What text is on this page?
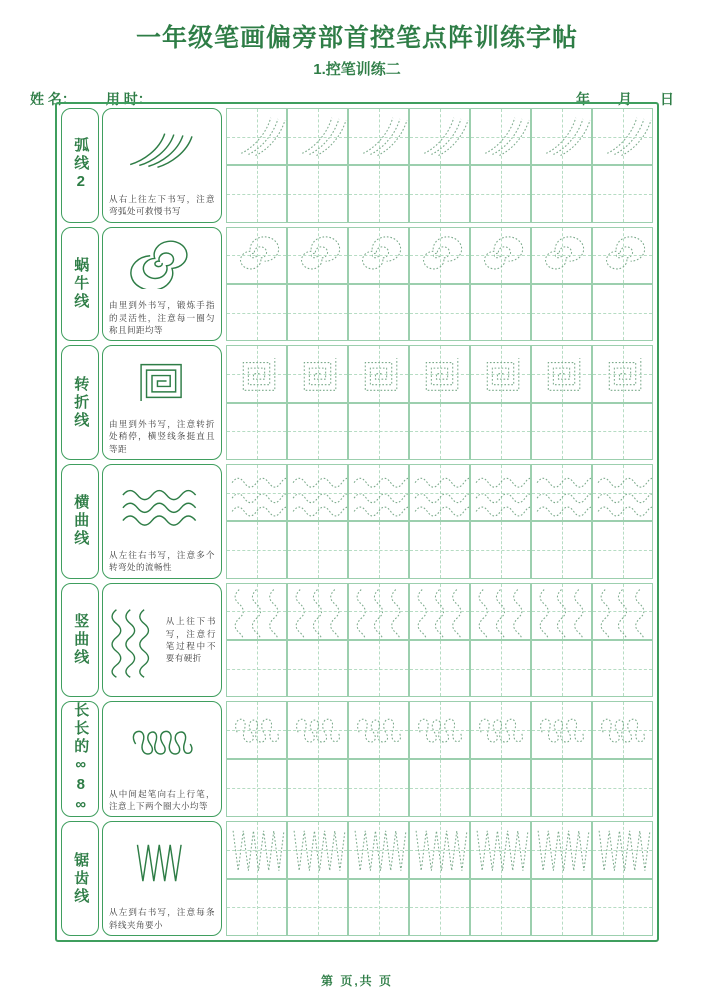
一年级笔画偏旁部首控笔点阵训练字帖
1.控笔训练二
姓 名： 用 时：	年 月 日
弧线2
从右上往左下书写，注意弯弧处可救慢书写
蜗牛线	由里到外书写，锻炼手指的灵活性，注意每一圈匀称且间距均等
转折线	由里到外书写，注意转折处稍停，横竖线条挺直且等距
横曲线
从左往右书写，注意多个转弯处的流畅性
竖曲线	从上往下书写，注意行笔过程中不要有硬折
长长的∞8∞	从中间起笔向右上行笔，注意上下两个圈大小均等
锯齿线
从左到右书写，注意每条斜线夹角要小
第 页,共 页
